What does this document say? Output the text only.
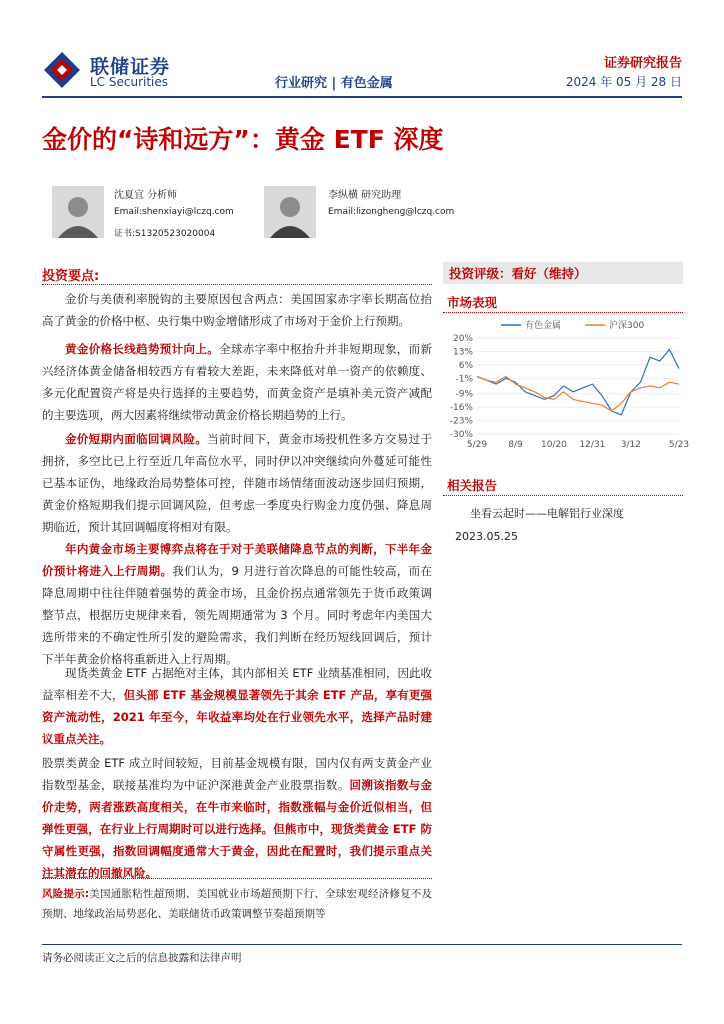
联储证券
LC Securities	行业研究 | 有色金属
证券研究报告
2024 年 05 月 28 日
金价的“诗和远方”：黄金 ETF 深度
沈夏宜 分析师
Email:shenxiayi@lczq.com
证书:S1320523020004
李纵横 研究助理
Email:lizongheng@lczq.com
投资要点:

金价与美债利率脱钩的主要原因包含两点：美国国家赤字率长期高位抬高了黄金的价格中枢、央行集中购金增储形成了市场对于金价上行预期。

黄金价格长线趋势预计向上。全球赤字率中枢抬升并非短期现象，而新兴经济体黄金储备相较西方有着较大差距，未来降低对单一资产的依赖度、多元化配置资产将是央行选择的主要趋势，而黄金资产是填补美元资产减配的主要选项，两大因素将继续带动黄金价格长期趋势的上行。

金价短期内面临回调风险。当前时间下，黄金市场投机性多方交易过于拥挤，多空比已上行至近几年高位水平，同时伊以冲突继续向外蔓延可能性已基本证伪，地缘政治局势整体可控，伴随市场情绪面波动逐步回归预期，黄金价格短期我们提示回调风险，但考虑一季度央行购金力度仍强、降息周期临近，预计其回调幅度将相对有限。

年内黄金市场主要博弈点将在于对于美联储降息节点的判断，下半年金价预计将进入上行周期。我们认为，9 月进行首次降息的可能性较高，而在降息周期中往往伴随着强势的黄金市场，且金价拐点通常领先于货币政策调整节点，根据历史规律来看，领先周期通常为 3 个月。同时考虑年内美国大选所带来的不确定性所引发的避险需求，我们判断在经历短线回调后，预计下半年黄金价格将重新进入上行周期。

现货类黄金 ETF 占据绝对主体，其内部相关 ETF 业绩基准相同，因此收益率相差不大，但头部 ETF 基金规模显著领先于其余 ETF 产品，享有更强资产流动性，2021 年至今，年收益率均处在行业领先水平，选择产品时建议重点关注。

股票类黄金 ETF 成立时间较短，目前基金规模有限，国内仅有两支黄金产业指数型基金，联接基准均为中证沪深港黄金产业股票指数。回溯该指数与金价走势，两者涨跌高度相关，在牛市来临时，指数涨幅与金价近似相当，但弹性更强，在行业上行周期时可以进行选择。但熊市中，现货类黄金 ETF 防守属性更强，指数回调幅度通常大于黄金，因此在配置时，我们提示重点关注其潜在的回撤风险。

风险提示:美国通胀粘性超预期、美国就业市场超预期下行、全球宏观经济修复不及预期、地缘政治局势恶化、美联储货币政策调整节奏超预期等
投资评级：看好（维持）
市场表现
20%
13%
6%
-1%
-9%
-16%
-23%
-30%
5/29 8/9 10/20 12/31 3/12	5/23
有色金属	沪深300
相关报告
坐看云起时——电解铝行业深度
2023.05.25
请务必阅读正文之后的信息披露和法律声明
